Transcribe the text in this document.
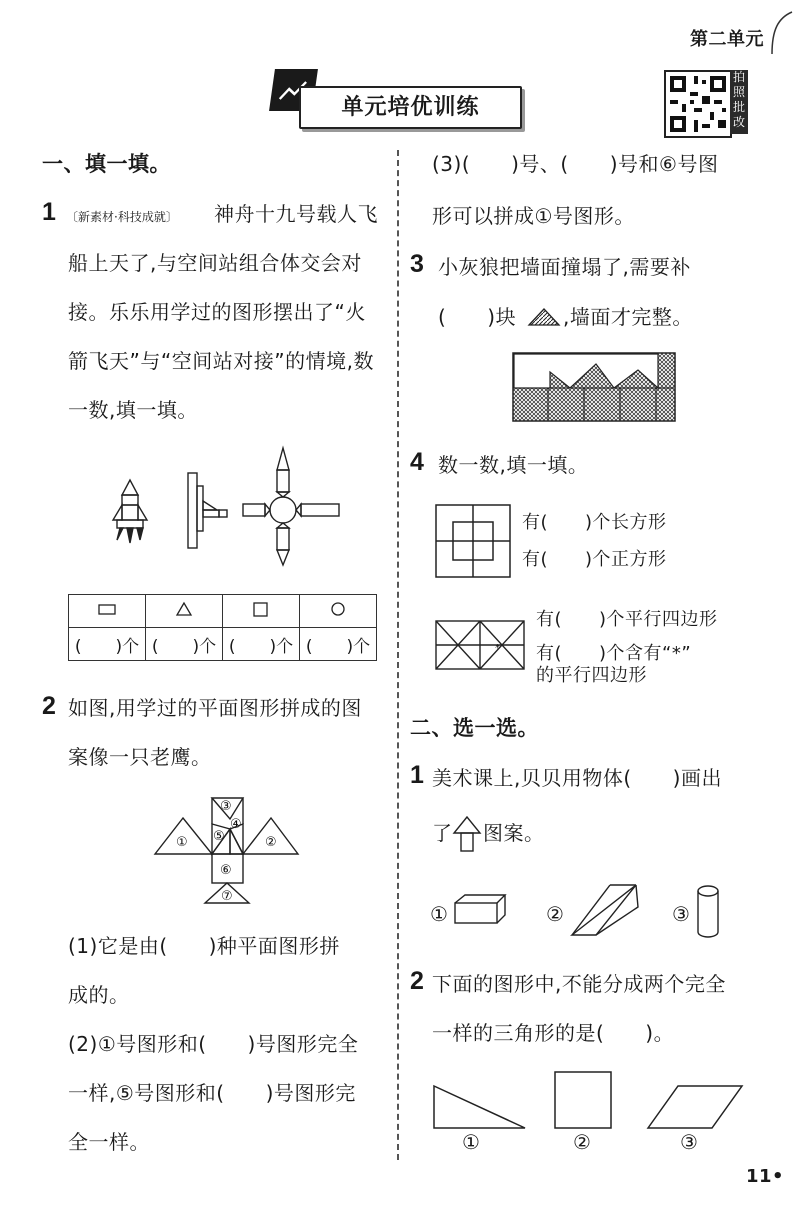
第二单元
单元培优训练
拍照批改
一、填一填。
1 〔新素材·科技成就〕 神舟十九号载人飞
船上天了,与空间站组合体交会对
接。乐乐用学过的图形摆出了“火
箭飞天”与“空间站对接”的情境,数
一数,填一填。

(　　)个	(　　)个	(　　)个	(　　)个
2 如图,用学过的平面图形拼成的图
案像一只老鹰。
①	②
③
④
⑤
⑥
⑦
(1)它是由(　　)种平面图形拼
成的。
(2)①号图形和(　　)号图形完全
一样,⑤号图形和(　　)号图形完
全一样。
(3)(　　)号、(　　)号和⑥号图
形可以拼成①号图形。
3 小灰狼把墙面撞塌了,需要补
(　　)块 ,墙面才完整。
4 数一数,填一填。
有(　　)个长方形
有(　　)个正方形
*
有(　　)个平行四边形
有(　　)个含有“*”
的平行四边形
二、选一选。
1 美术课上,贝贝用物体(　　)画出
了 图案。
①	②	③
2 下面的图形中,不能分成两个完全
一样的三角形的是(　　)。
①	②	③
11•
